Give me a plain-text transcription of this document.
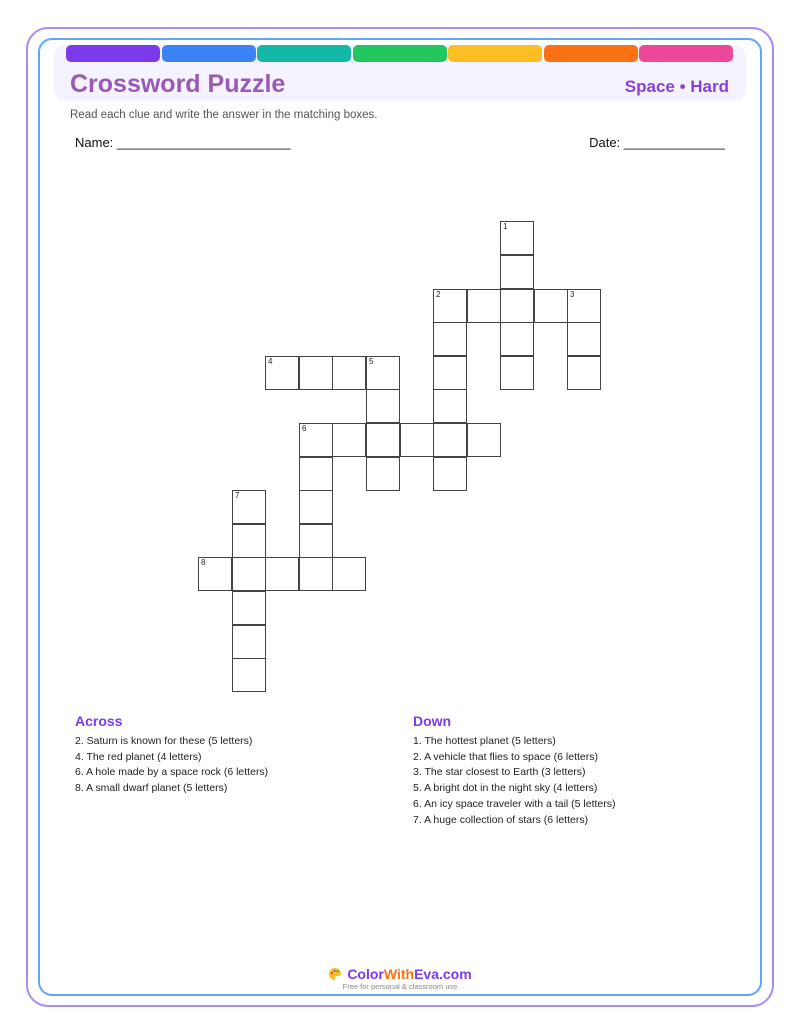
Crossword Puzzle	Space • Hard
Read each clue and write the answer in the matching boxes.
Name: ________________________	Date: ______________
1
2	3
4	5
6
7
8
Across
2. Saturn is known for these (5 letters)
4. The red planet (4 letters)
6. A hole made by a space rock (6 letters)
8. A small dwarf planet (5 letters)
Down
1. The hottest planet (5 letters)
2. A vehicle that flies to space (6 letters)
3. The star closest to Earth (3 letters)
5. A bright dot in the night sky (4 letters)
6. An icy space traveler with a tail (5 letters)
7. A huge collection of stars (6 letters)
ColorWithEva.com
Free for personal & classroom use
